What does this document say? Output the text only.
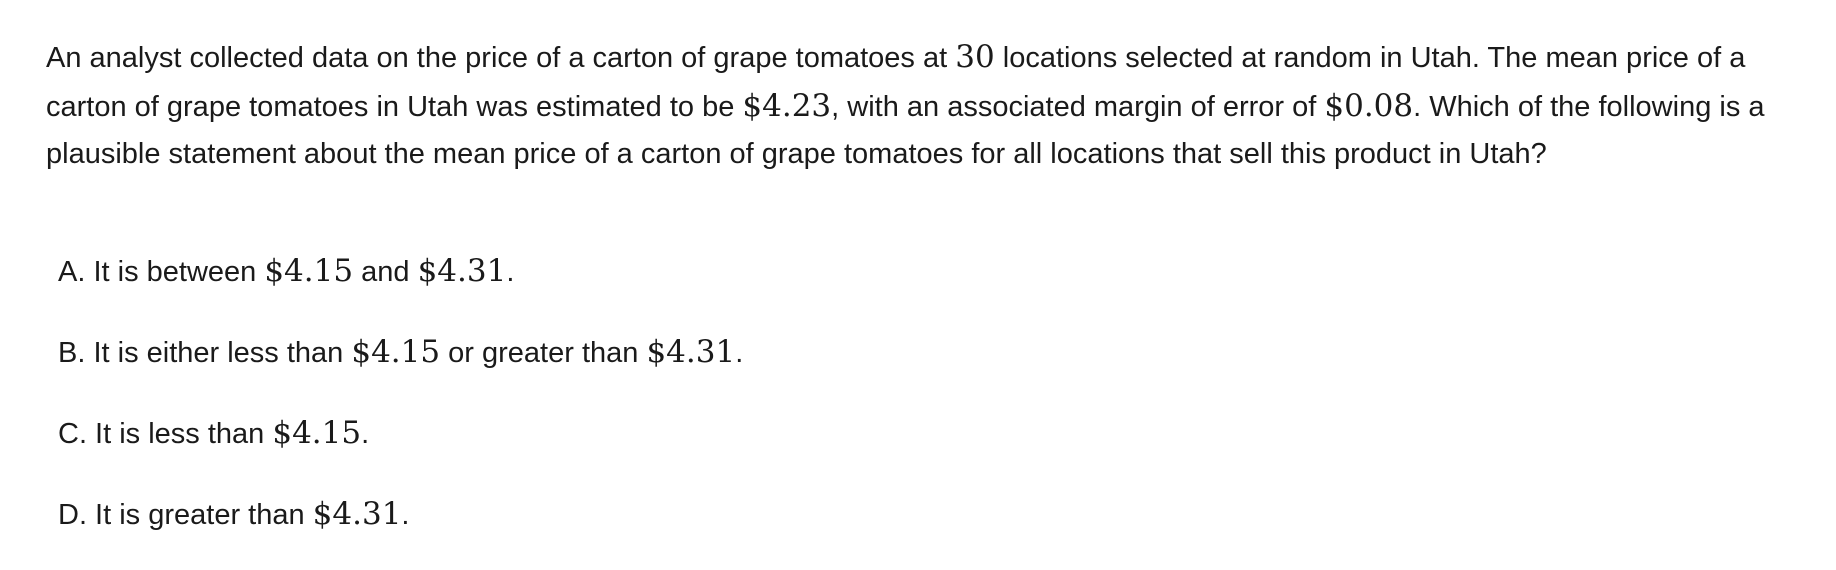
An analyst collected data on the price of a carton of grape tomatoes at 30 locations selected at random in Utah. The mean price of a carton of grape tomatoes in Utah was estimated to be $4.23, with an associated margin of error of $0.08. Which of the following is a plausible statement about the mean price of a carton of grape tomatoes for all locations that sell this product in Utah?

A. It is between $4.15 and $4.31.
B. It is either less than $4.15 or greater than $4.31.
C. It is less than $4.15.
D. It is greater than $4.31.
